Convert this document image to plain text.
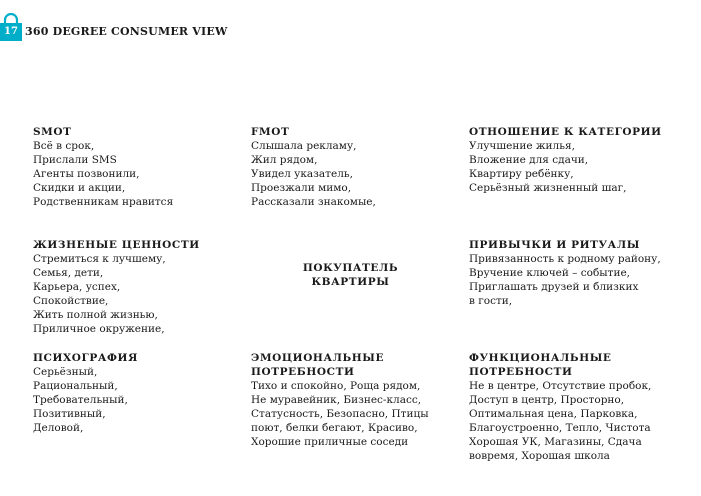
17 360 DEGREE CONSUMER VIEW
SMOT
Всё в срок,
Прислали SMS
Агенты позвонили,
Скидки и акции,
Родственникам нравится
FMOT
Слышала рекламу,
Жил рядом,
Увидел указатель,
Проезжали мимо,
Рассказали знакомые,
ОТНОШЕНИЕ К КАТЕГОРИИ
Улучшение жилья,
Вложение для сдачи,
Квартиру ребёнку,
Серьёзный жизненный шаг,
ЖИЗНЕНЫЕ ЦЕННОСТИ
Стремиться к лучшему,
Семья, дети,
Карьера, успех,
Спокойствие,
Жить полной жизнью,
Приличное окружение,
ПОКУПАТЕЛЬ
КВАРТИРЫ
ПРИВЫЧКИ И РИТУАЛЫ
Привязанность к родному району,
Вручение ключей – событие,
Приглашать друзей и близких
в гости,
ПСИХОГРАФИЯ
Серьёзный,
Рациональный,
Требовательный,
Позитивный,
Деловой,
ЭМОЦИОНАЛЬНЫЕ
ПОТРЕБНОСТИ
Тихо и спокойно, Роща рядом,
Не муравейник, Бизнес-класс,
Статусность, Безопасно, Птицы
поют, белки бегают, Красиво,
Хорошие приличные соседи
ФУНКЦИОНАЛЬНЫЕ
ПОТРЕБНОСТИ
Не в центре, Отсутствие пробок,
Доступ в центр, Просторно,
Оптимальная цена, Парковка,
Благоустроенно, Тепло, Чистота
Хорошая УК, Магазины, Сдача
вовремя, Хорошая школа
